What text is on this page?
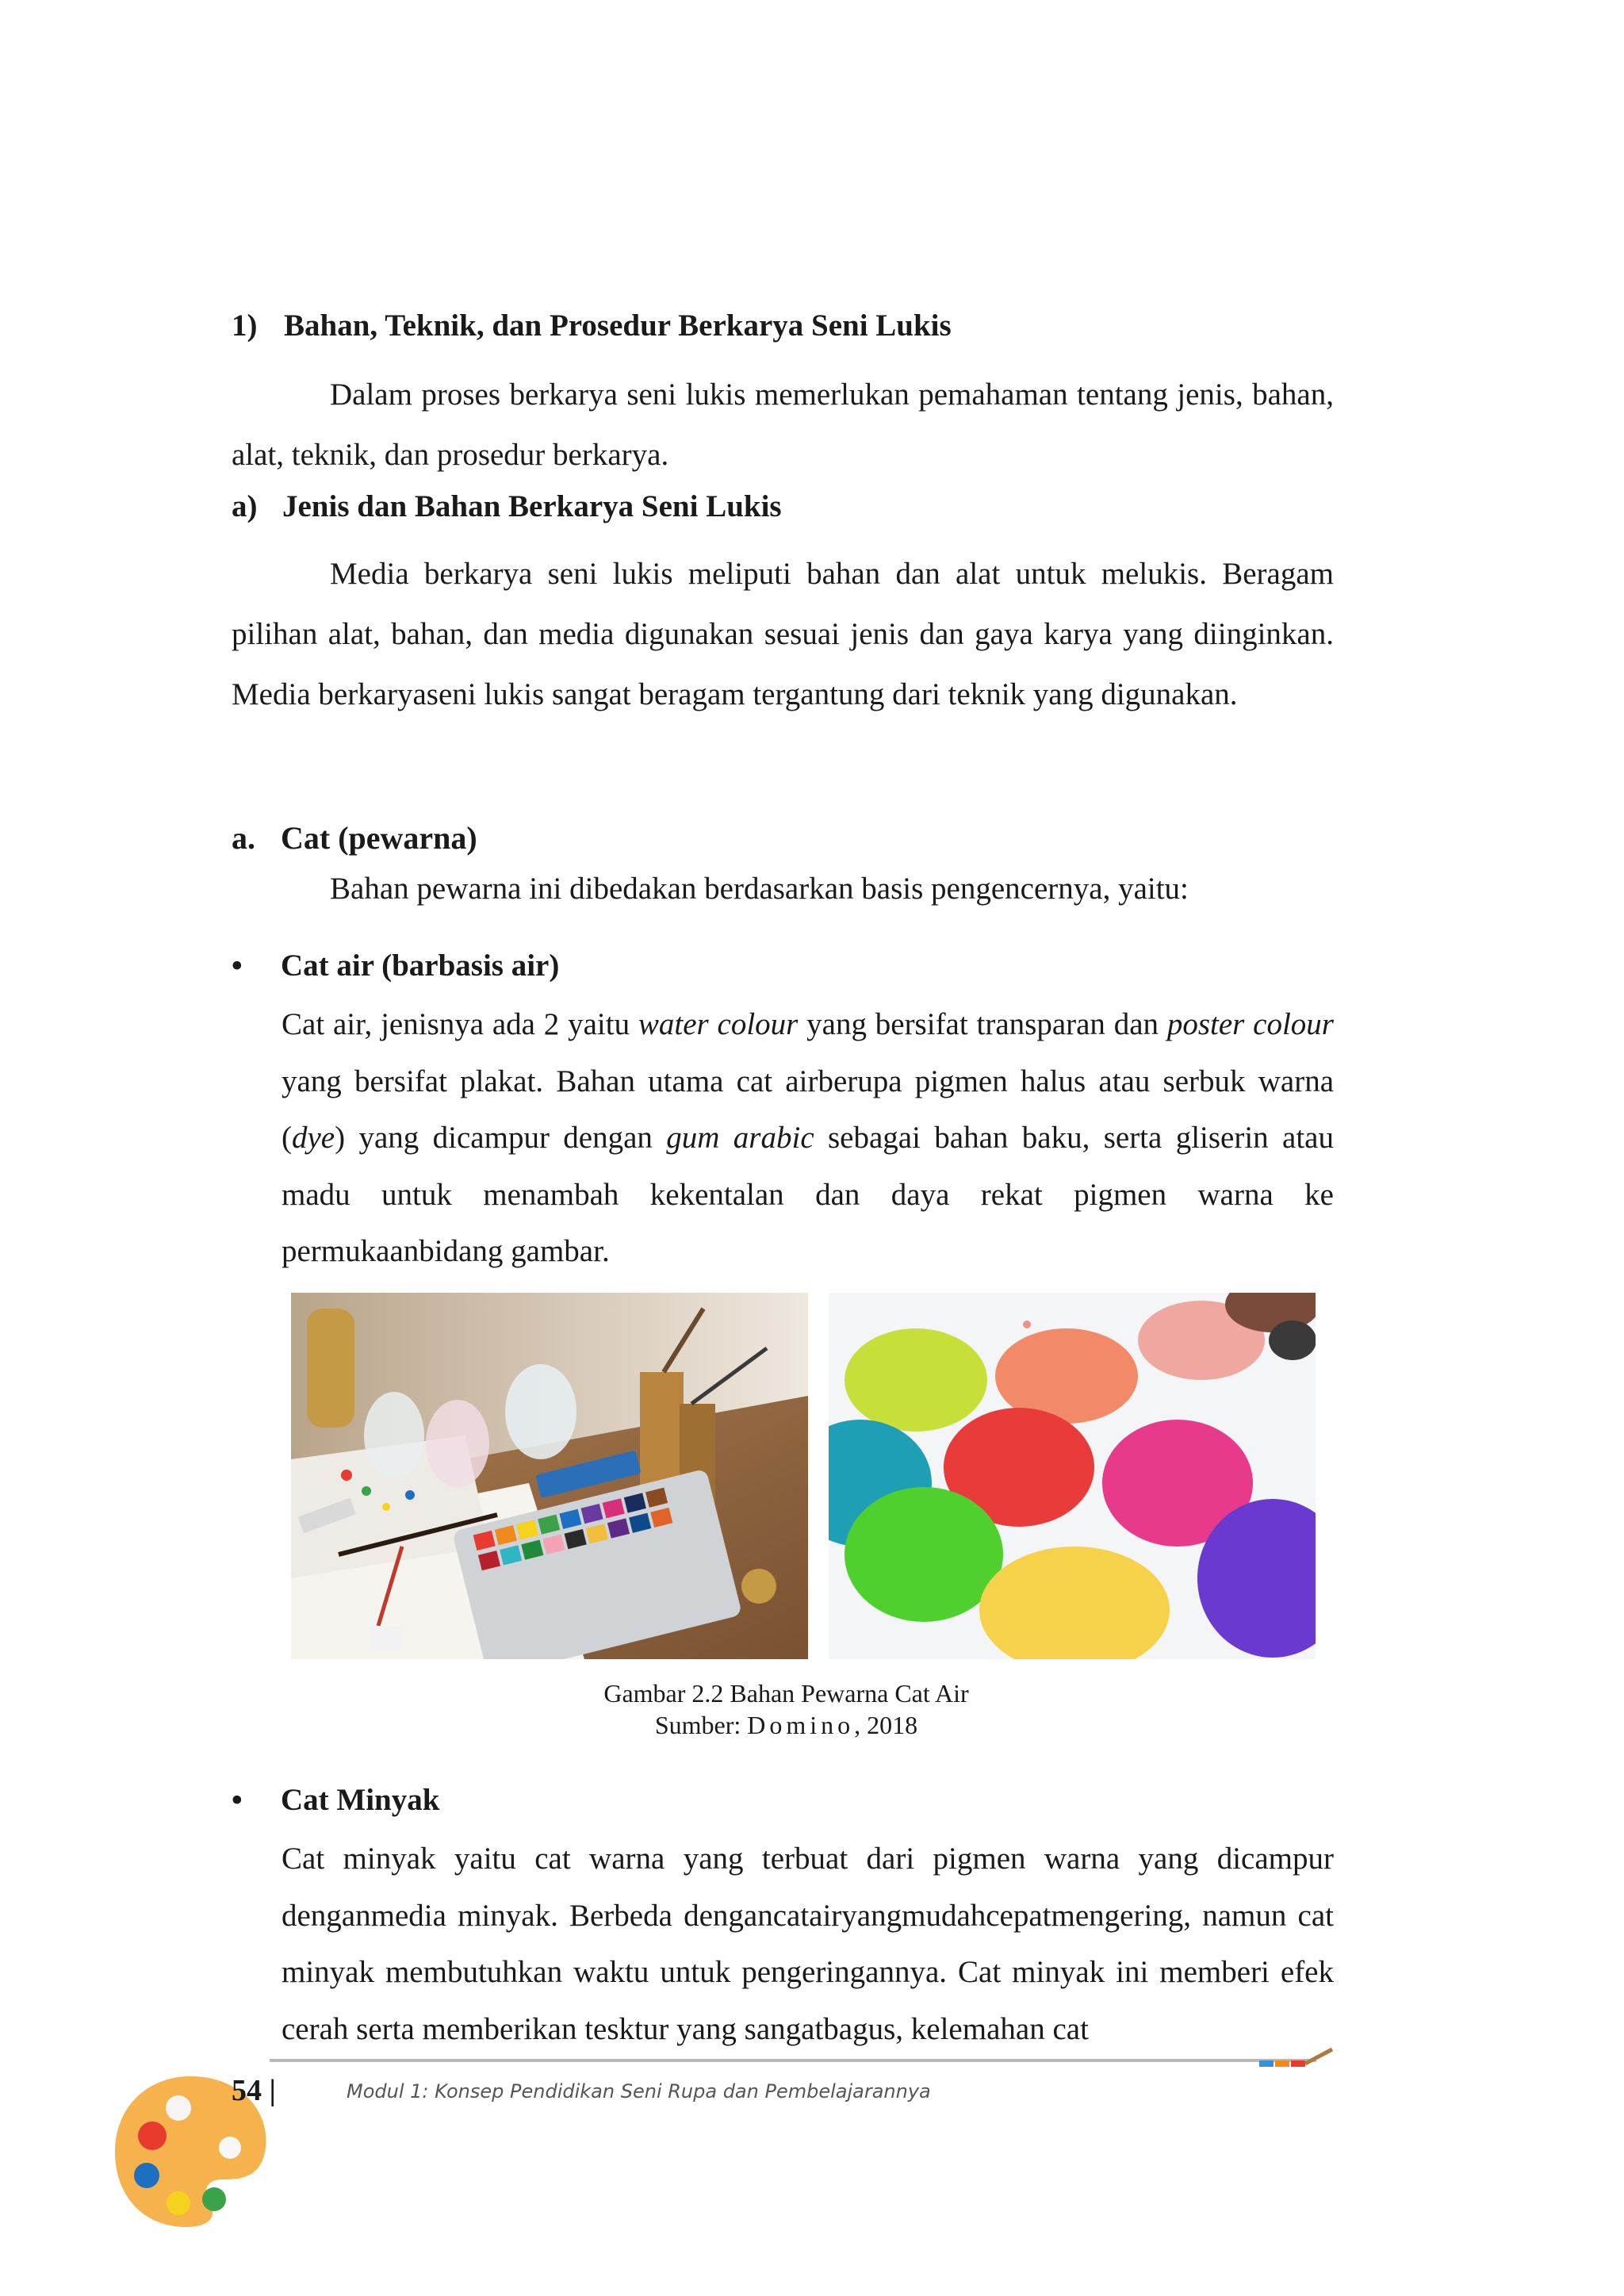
1) Bahan, Teknik, dan Prosedur Berkarya Seni Lukis
Dalam proses berkarya seni lukis memerlukan pemahaman tentang jenis, bahan, alat, teknik, dan prosedur berkarya.
a) Jenis dan Bahan Berkarya Seni Lukis
Media berkarya seni lukis meliputi bahan dan alat untuk melukis. Beragam pilihan alat, bahan, dan media digunakan sesuai jenis dan gaya karya yang diinginkan. Media berkaryaseni lukis sangat beragam tergantung dari teknik yang digunakan.
a. Cat (pewarna)
Bahan pewarna ini dibedakan berdasarkan basis pengencernya, yaitu:
• Cat air (barbasis air)
Cat air, jenisnya ada 2 yaitu water colour yang bersifat transparan dan poster colour yang bersifat plakat. Bahan utama cat airberupa pigmen halus atau serbuk warna (dye) yang dicampur dengan gum arabic sebagai bahan baku, serta gliserin atau madu untuk menambah kekentalan dan daya rekat pigmen warna ke permukaanbidang gambar.
Gambar 2.2 Bahan Pewarna Cat Air
Sumber: Domino, 2018
• Cat Minyak
Cat minyak yaitu cat warna yang terbuat dari pigmen warna yang dicampur denganmedia minyak. Berbeda dengancatairyangmudahcepatmengering, namun cat minyak membutuhkan waktu untuk pengeringannya. Cat minyak ini memberi efek cerah serta memberikan tesktur yang sangatbagus, kelemahan cat
54 |	Modul 1: Konsep Pendidikan Seni Rupa dan Pembelajarannya
